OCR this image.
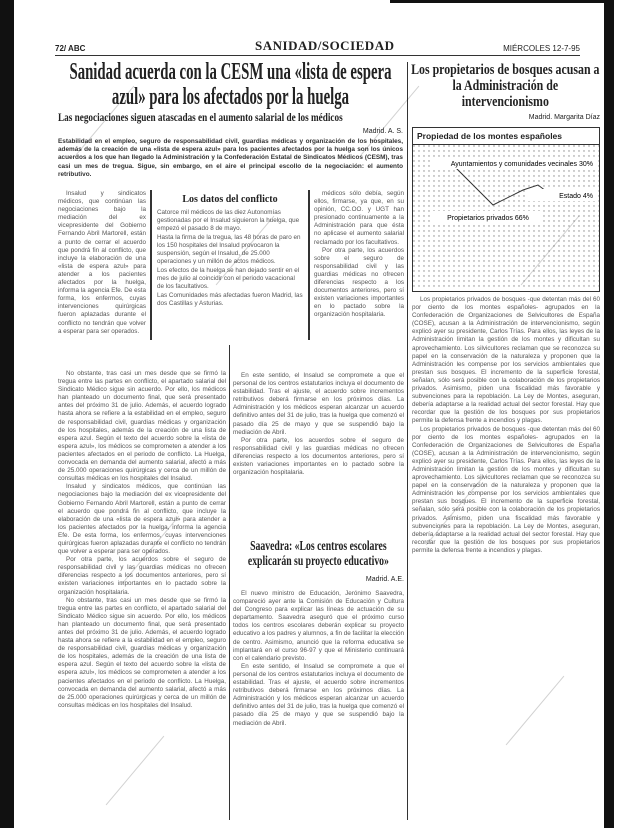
72/ ABC	SANIDAD/SOCIEDAD	MIÉRCOLES 12-7-95
Sanidad acuerda con la CESM una «lista de espera azul» para los afectados por la huelga
Las negociaciones siguen atascadas en el aumento salarial de los médicos
Madrid. A. S.
Estabilidad en el empleo, seguro de responsabilidad civil, guardias médicas y organización de los hospitales, además de la creación de una «lista de espera azul» para los pacientes afectados por la huelga son los únicos acuerdos a los que han llegado la Administración y la Confederación Estatal de Sindicatos Médicos (CESM), tras casi un mes de tregua. Sigue, sin embargo, en el aire el principal escollo de la negociación: el aumento retributivo.

Insalud y sindicatos médicos, que continúan las negociaciones bajo la mediación del ex vicepresidente del Gobierno Fernando Abril Martorell, están a punto de cerrar el acuerdo que pondrá fin al conflicto, que incluye la elaboración de una «lista de espera azul» para atender a los pacientes afectados por la huelga, informa la agencia Efe. De esta forma, los enfermos, cuyas intervenciones quirúrgicas fueron aplazadas durante el conflicto no tendrán que volver a esperar para ser operados.

Los datos del conflicto

Catorce mil médicos de las diez Autonomías gestionadas por el Insalud siguieron la huelga, que empezó el pasado 8 de mayo.

Hasta la firma de la tregua, las 48 horas de paro en los 150 hospitales del Insalud provocaron la suspensión, según el Insalud, de 25.000 operaciones y un millón de actos médicos.

Los efectos de la huelga se han dejado sentir en el mes de julio al coincidir con el periodo vacacional de los facultativos.

Las Comunidades más afectadas fueron Madrid, las dos Castillas y Asturias.

médicos sólo debía, según ellos, firmarse, ya que, en su opinión, CC.OO. y UGT han presionado continuamente a la Administración para que ésta no aplicase el aumento salarial reclamado por los facultativos.

Por otra parte, los acuerdos sobre el seguro de responsabilidad civil y las guardias médicas no ofrecen diferencias respecto a los documentos anteriores, pero sí existen variaciones importantes en lo pactado sobre la organización hospitalaria.

No obstante, tras casi un mes desde que se firmó la tregua entre las partes en conflicto, el apartado salarial del Sindicato Médico sigue sin acuerdo. Por ello, los médicos han planteado un documento final, que será presentado antes del próximo 31 de julio. Además, el acuerdo logrado hasta ahora se refiere a la estabilidad en el empleo, seguro de responsabilidad civil, guardias médicas y organización de los hospitales, además de la creación de una lista de espera azul. Según el texto del acuerdo sobre la «lista de espera azul», los médicos se comprometen a atender a los pacientes afectados en el periodo de conflicto. La Huelga, convocada en demanda del aumento salarial, afectó a más de 25.000 operaciones quirúrgicas y cerca de un millón de consultas médicas en los hospitales del Insalud.

Insalud y sindicatos médicos, que continúan las negociaciones bajo la mediación del ex vicepresidente del Gobierno Fernando Abril Martorell, están a punto de cerrar el acuerdo que pondrá fin al conflicto, que incluye la elaboración de una «lista de espera azul» para atender a los pacientes afectados por la huelga, informa la agencia Efe. De esta forma, los enfermos, cuyas intervenciones quirúrgicas fueron aplazadas durante el conflicto no tendrán que volver a esperar para ser operados.

Por otra parte, los acuerdos sobre el seguro de responsabilidad civil y las guardias médicas no ofrecen diferencias respecto a los documentos anteriores, pero sí existen variaciones importantes en lo pactado sobre la organización hospitalaria.

No obstante, tras casi un mes desde que se firmó la tregua entre las partes en conflicto, el apartado salarial del Sindicato Médico sigue sin acuerdo. Por ello, los médicos han planteado un documento final, que será presentado antes del próximo 31 de julio. Además, el acuerdo logrado hasta ahora se refiere a la estabilidad en el empleo, seguro de responsabilidad civil, guardias médicas y organización de los hospitales, además de la creación de una lista de espera azul. Según el texto del acuerdo sobre la «lista de espera azul», los médicos se comprometen a atender a los pacientes afectados en el periodo de conflicto. La Huelga, convocada en demanda del aumento salarial, afectó a más de 25.000 operaciones quirúrgicas y cerca de un millón de consultas médicas en los hospitales del Insalud.

En este sentido, el Insalud se compromete a que el personal de los centros estatutarios incluya el documento de estabilidad. Tras el ajuste, el acuerdo sobre incrementos retributivos deberá firmarse en los próximos días. La Administración y los médicos esperan alcanzar un acuerdo definitivo antes del 31 de julio, tras la huelga que comenzó el pasado día 25 de mayo y que se suspendió bajo la mediación de Abril.

Por otra parte, los acuerdos sobre el seguro de responsabilidad civil y las guardias médicas no ofrecen diferencias respecto a los documentos anteriores, pero sí existen variaciones importantes en lo pactado sobre la organización hospitalaria.

Saavedra: «Los centros escolares explicarán su proyecto educativo»
Madrid. A.E.

El nuevo ministro de Educación, Jerónimo Saavedra, compareció ayer ante la Comisión de Educación y Cultura del Congreso para explicar las líneas de actuación de su departamento. Saavedra aseguró que el próximo curso todos los centros escolares deberán explicar su proyecto educativo a los padres y alumnos, a fin de facilitar la elección de centro. Asimismo, anunció que la reforma educativa se implantará en el curso 96-97 y que el Ministerio continuará con el calendario previsto.

En este sentido, el Insalud se compromete a que el personal de los centros estatutarios incluya el documento de estabilidad. Tras el ajuste, el acuerdo sobre incrementos retributivos deberá firmarse en los próximos días. La Administración y los médicos esperan alcanzar un acuerdo definitivo antes del 31 de julio, tras la huelga que comenzó el pasado día 25 de mayo y que se suspendió bajo la mediación de Abril.

Los propietarios de bosques acusan a la Administración de intervencionismo
Madrid. Margarita Díaz
Propiedad de los montes españoles
Ayuntamientos y comunidades vecinales 30%
Estado 4%
Propietarios privados 66%

Los propietarios privados de bosques -que detentan más del 60 por ciento de los montes españoles- agrupados en la Confederación de Organizaciones de Selvicultores de España (COSE), acusan a la Administración de intervencionismo, según explicó ayer su presidente, Carlos Trías. Para ellos, las leyes de la Administración limitan la gestión de los montes y dificultan su aprovechamiento. Los silvicultores reclaman que se reconozca su papel en la conservación de la naturaleza y proponen que la Administración les compense por los servicios ambientales que prestan sus bosques. El incremento de la superficie forestal, señalan, sólo será posible con la colaboración de los propietarios privados. Asimismo, piden una fiscalidad más favorable y subvenciones para la repoblación. La Ley de Montes, aseguran, debería adaptarse a la realidad actual del sector forestal. Hay que recordar que la gestión de los bosques por sus propietarios permite la defensa frente a incendios y plagas.

Los propietarios privados de bosques -que detentan más del 60 por ciento de los montes españoles- agrupados en la Confederación de Organizaciones de Selvicultores de España (COSE), acusan a la Administración de intervencionismo, según explicó ayer su presidente, Carlos Trías. Para ellos, las leyes de la Administración limitan la gestión de los montes y dificultan su aprovechamiento. Los silvicultores reclaman que se reconozca su papel en la conservación de la naturaleza y proponen que la Administración les compense por los servicios ambientales que prestan sus bosques. El incremento de la superficie forestal, señalan, sólo será posible con la colaboración de los propietarios privados. Asimismo, piden una fiscalidad más favorable y subvenciones para la repoblación. La Ley de Montes, aseguran, debería adaptarse a la realidad actual del sector forestal. Hay que recordar que la gestión de los bosques por sus propietarios permite la defensa frente a incendios y plagas.
